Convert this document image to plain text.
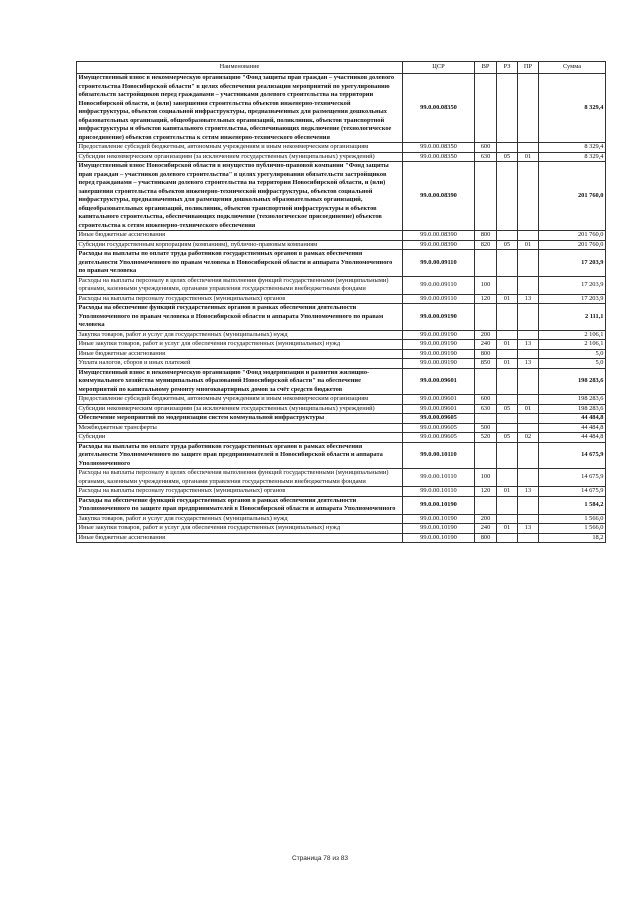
Наименование	ЦСР	ВР	РЗ	ПР	Сумма
Имущественный взнос в некоммерческую организацию "Фонд защиты прав граждан – участников долевого строительства Новосибирской области" в целях обеспечения реализации мероприятий по урегулированию обязательств застройщиков перед гражданами – участниками долевого строительства на территории Новосибирской области, и (или) завершения строительства объектов инженерно-технической инфраструктуры, объектов социальной инфраструктуры, предназначенных для размещения дошкольных образовательных организаций, общеобразовательных организаций, поликлиник, объектов транспортной инфраструктуры и объектов капитального строительства, обеспечивающих подключение (технологическое присоединение) объектов строительства к сетям инженерно-технического обеспечения	99.0.00.08350				8 329,4
Предоставление субсидий бюджетным, автономным учреждениям и иным некоммерческим организациям	99.0.00.08350	600			8 329,4
Субсидии некоммерческим организациям (за исключением государственных (муниципальных) учреждений)	99.0.00.08350	630	05	01	8 329,4
Имущественный взнос Новосибирской области в имущество публично-правовой компании "Фонд защиты прав граждан – участников долевого строительства" в целях урегулирования обязательств застройщиков перед гражданами – участниками долевого строительства на территории Новосибирской области, и (или) завершения строительства объектов инженерно-технической инфраструктуры, объектов социальной инфраструктуры, предназначенных для размещения дошкольных образовательных организаций, общеобразовательных организаций, поликлиник, объектов транспортной инфраструктуры и объектов капитального строительства, обеспечивающих подключение (технологическое присоединение) объектов строительства к сетям инженерно-технического обеспечения	99.0.00.08390				201 760,0
Иные бюджетные ассигнования	99.0.00.08390	800			201 760,0
Субсидии государственным корпорациям (компаниям), публично-правовым компаниям	99.0.00.08390	820	05	01	201 760,0
Расходы на выплаты по оплате труда работников государственных органов в рамках обеспечения деятельности Уполномоченного по правам человека в Новосибирской области и аппарата Уполномоченного по правам человека	99.0.00.09110				17 203,9
Расходы на выплаты персоналу в целях обеспечения выполнения функций государственными (муниципальными) органами, казенными учреждениями, органами управления государственными внебюджетными фондами	99.0.00.09110	100			17 203,9
Расходы на выплаты персоналу государственных (муниципальных) органов	99.0.00.09110	120	01	13	17 203,9
Расходы на обеспечение функций государственных органов в рамках обеспечения деятельности Уполномоченного по правам человека в Новосибирской области и аппарата Уполномоченного по правам человека	99.0.00.09190				2 111,1
Закупка товаров, работ и услуг для государственных (муниципальных) нужд	99.0.00.09190	200			2 106,1
Иные закупки товаров, работ и услуг для обеспечения государственных (муниципальных) нужд	99.0.00.09190	240	01	13	2 106,1
Иные бюджетные ассигнования	99.0.00.09190	800			5,0
Уплата налогов, сборов и иных платежей	99.0.00.09190	850	01	13	5,0
Имущественный взнос в некоммерческую организацию "Фонд модернизации и развития жилищно-коммунального хозяйства муниципальных образований Новосибирской области" на обеспечение мероприятий по капитальному ремонту многоквартирных домов за счёт средств бюджетов	99.0.00.09601				198 283,6
Предоставление субсидий бюджетным, автономным учреждениям и иным некоммерческим организациям	99.0.00.09601	600			198 283,6
Субсидии некоммерческим организациям (за исключением государственных (муниципальных) учреждений)	99.0.00.09601	630	05	01	198 283,6
Обеспечение мероприятий по модернизации систем коммунальной инфраструктуры	99.0.00.09605				44 484,8
Межбюджетные трансферты	99.0.00.09605	500			44 484,8
Субсидии	99.0.00.09605	520	05	02	44 484,8
Расходы на выплаты по оплате труда работников государственных органов в рамках обеспечения деятельности Уполномоченного по защите прав предпринимателей в Новосибирской области и аппарата Уполномоченного	99.0.00.10110				14 675,9
Расходы на выплаты персоналу в целях обеспечения выполнения функций государственными (муниципальными) органами, казенными учреждениями, органами управления государственными внебюджетными фондами	99.0.00.10110	100			14 675,9
Расходы на выплаты персоналу государственных (муниципальных) органов	99.0.00.10110	120	01	13	14 675,9
Расходы на обеспечение функций государственных органов в рамках обеспечения деятельности Уполномоченного по защите прав предпринимателей в Новосибирской области и аппарата Уполномоченного	99.0.00.10190				1 584,2
Закупка товаров, работ и услуг для государственных (муниципальных) нужд	99.0.00.10190	200			1 566,0
Иные закупки товаров, работ и услуг для обеспечения государственных (муниципальных) нужд	99.0.00.10190	240	01	13	1 566,0
Иные бюджетные ассигнования	99.0.00.10190	800			18,2
Страница 78 из 83
